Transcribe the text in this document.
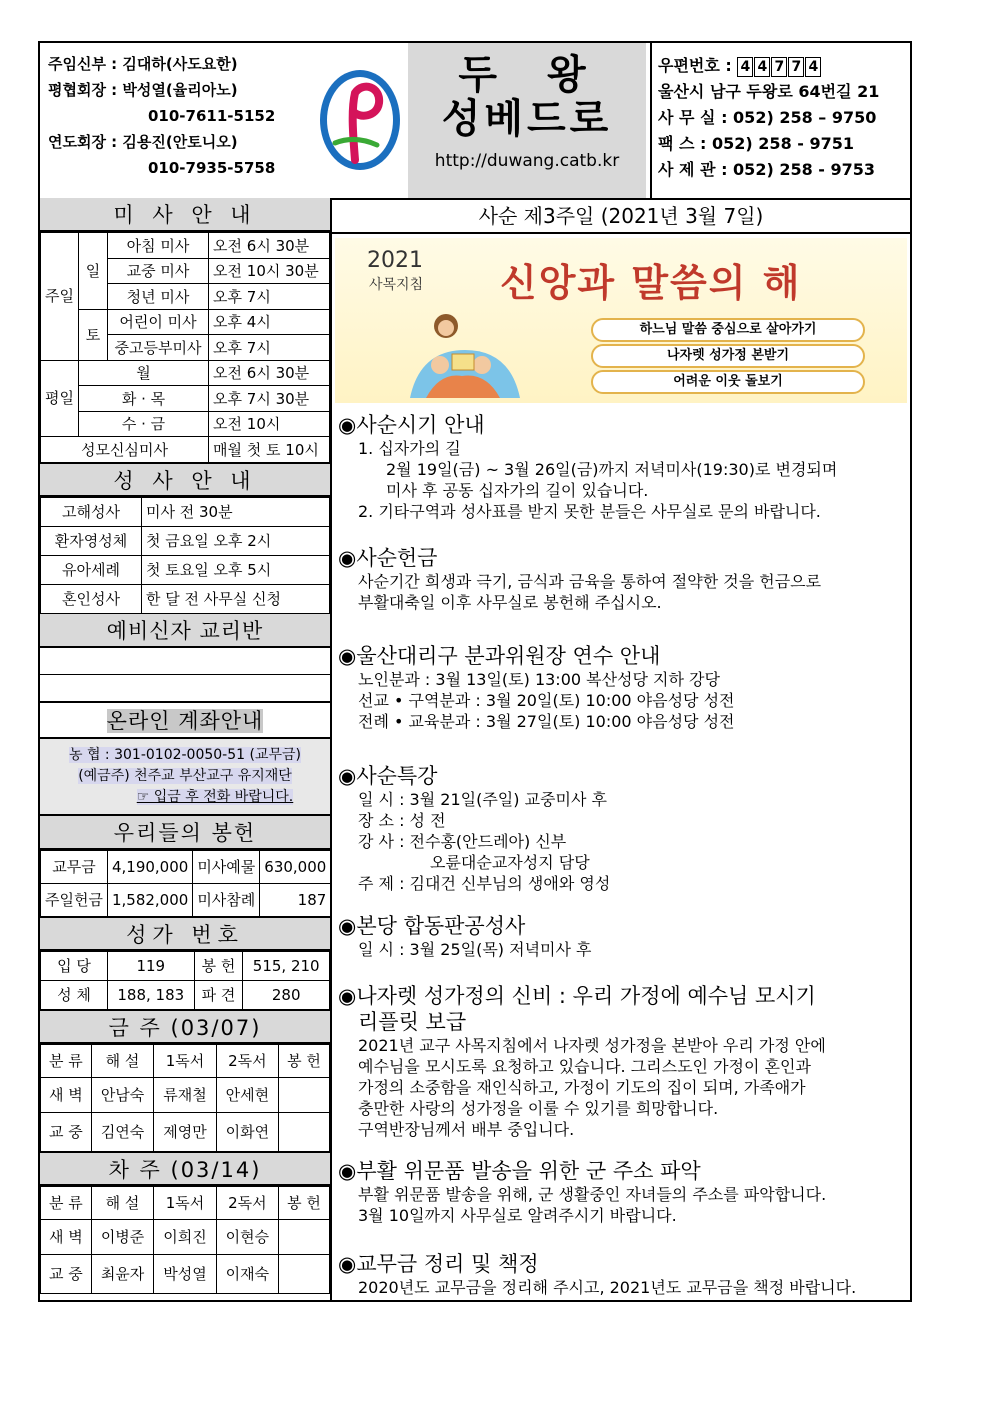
주임신부 : 김대하(사도요한)
평협회장 : 박성열(율리아노)
010-7611-5152
연도회장 : 김용진(안토니오)
010-7935-5758
두왕
성베드로
http://duwang.catb.kr
우편번호 : 4 4 7 7 4
울산시 남구 두왕로 64번길 21
사 무 실 : 052) 258 – 9750
팩 스 : 052) 258 - 9751
사 제 관 : 052) 258 - 9753
미 사 안 내
주일	일	아침 미사	오전 6시 30분
		교중 미사	오전 10시 30분
		청년 미사	오후 7시
	토	어린이 미사	오후 4시
		중고등부미사	오후 7시
평일	월		오전 6시 30분
	화 · 목		오후 7시 30분
	수 · 금		오전 10시
성모신심미사			매월 첫 토 10시
성 사 안 내
고해성사	미사 전 30분
환자영성체	첫 금요일 오후 2시
유아세례	첫 토요일 오후 5시
혼인성사	한 달 전 사무실 신청
예비신자 교리반
온라인 계좌안내
농 협 : 301-0102-0050-51 (교무금)
(예금주) 천주교 부산교구 유지재단
☞ 입금 후 전화 바랍니다.
우리들의 봉헌
교무금	4,190,000	미사예물	630,000
주일헌금	1,582,000	미사참례	187
성가 번호
입 당	119	봉 헌	515, 210
성 체	188, 183	파 견	280
금 주 (03/07)
분 류	해 설	1독서	2독서	봉 헌
새 벽	안남숙	류재철	안세현	
교 중	김연숙	제영만	이화연	
차 주 (03/14)
분 류	해 설	1독서	2독서	봉 헌
새 벽	이병준	이희진	이현승	
교 중	최윤자	박성열	이재숙	
사순 제3주일 (2021년 3월 7일)
2021
사목지침 신앙과 말씀의 해
하느님 말씀 중심으로 살아가기
나자렛 성가정 본받기
어려운 이웃 돌보기
◉사순시기 안내
1. 십자가의 길
2월 19일(금) ~ 3월 26일(금)까지 저녁미사(19:30)로 변경되며
미사 후 공동 십자가의 길이 있습니다.
2. 기타구역과 성사표를 받지 못한 분들은 사무실로 문의 바랍니다.
◉사순헌금
사순기간 희생과 극기, 금식과 금육을 통하여 절약한 것을 헌금으로
부활대축일 이후 사무실로 봉헌해 주십시오.
◉울산대리구 분과위원장 연수 안내
노인분과 : 3월 13일(토) 13:00 복산성당 지하 강당
선교 • 구역분과 : 3월 20일(토) 10:00 야음성당 성전
전례 • 교육분과 : 3월 27일(토) 10:00 야음성당 성전
◉사순특강
일 시 : 3월 21일(주일) 교중미사 후
장 소 : 성 전
강 사 : 전수홍(안드레아) 신부
오륜대순교자성지 담당
주 제 : 김대건 신부님의 생애와 영성
◉본당 합동판공성사
일 시 : 3월 25일(목) 저녁미사 후
◉나자렛 성가정의 신비 : 우리 가정에 예수님 모시기
리플릿 보급
2021년 교구 사목지침에서 나자렛 성가정을 본받아 우리 가정 안에
예수님을 모시도록 요청하고 있습니다. 그리스도인 가정이 혼인과
가정의 소중함을 재인식하고, 가정이 기도의 집이 되며, 가족애가
충만한 사랑의 성가정을 이룰 수 있기를 희망합니다.
구역반장님께서 배부 중입니다.
◉부활 위문품 발송을 위한 군 주소 파악
부활 위문품 발송을 위해, 군 생활중인 자녀들의 주소를 파악합니다.
3월 10일까지 사무실로 알려주시기 바랍니다.
◉교무금 정리 및 책정
2020년도 교무금을 정리해 주시고, 2021년도 교무금을 책정 바랍니다.
